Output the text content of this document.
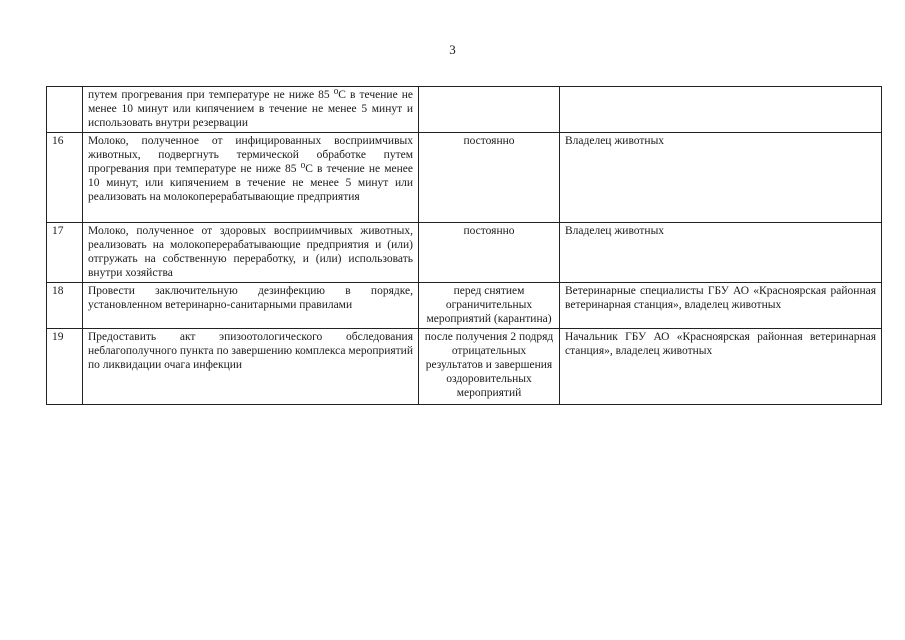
3
	путем прогревания при температуре не ниже 85 ⁰С в течение не менее 10 минут или кипячением в течение не менее 5 минут и использовать внутри резервации		
16	Молоко, полученное от инфицированных восприимчивых животных, подвергнуть термической обработке путем прогревания при температуре не ниже 85 ⁰С в течение не менее 10 минут, или кипячением в течение не менее 5 минут или реализовать на молокоперерабатывающие предприятия	постоянно	Владелец животных
17	Молоко, полученное от здоровых восприимчивых животных, реализовать на молокоперерабатывающие предприятия и (или) отгружать на собственную переработку, и (или) использовать внутри хозяйства	постоянно	Владелец животных
18	Провести заключительную дезинфекцию в порядке, установленном ветеринарно-санитарными правилами	перед снятием ограничительных мероприятий (карантина)	Ветеринарные специалисты ГБУ АО «Красноярская районная ветеринарная станция», владелец животных
19	Предоставить акт эпизоотологического обследования неблагополучного пункта по завершению комплекса мероприятий по ликвидации очага инфекции	после получения 2 подряд отрицательных результатов и завершения оздоровительных мероприятий	Начальник ГБУ АО «Красноярская районная ветеринарная станция», владелец животных
